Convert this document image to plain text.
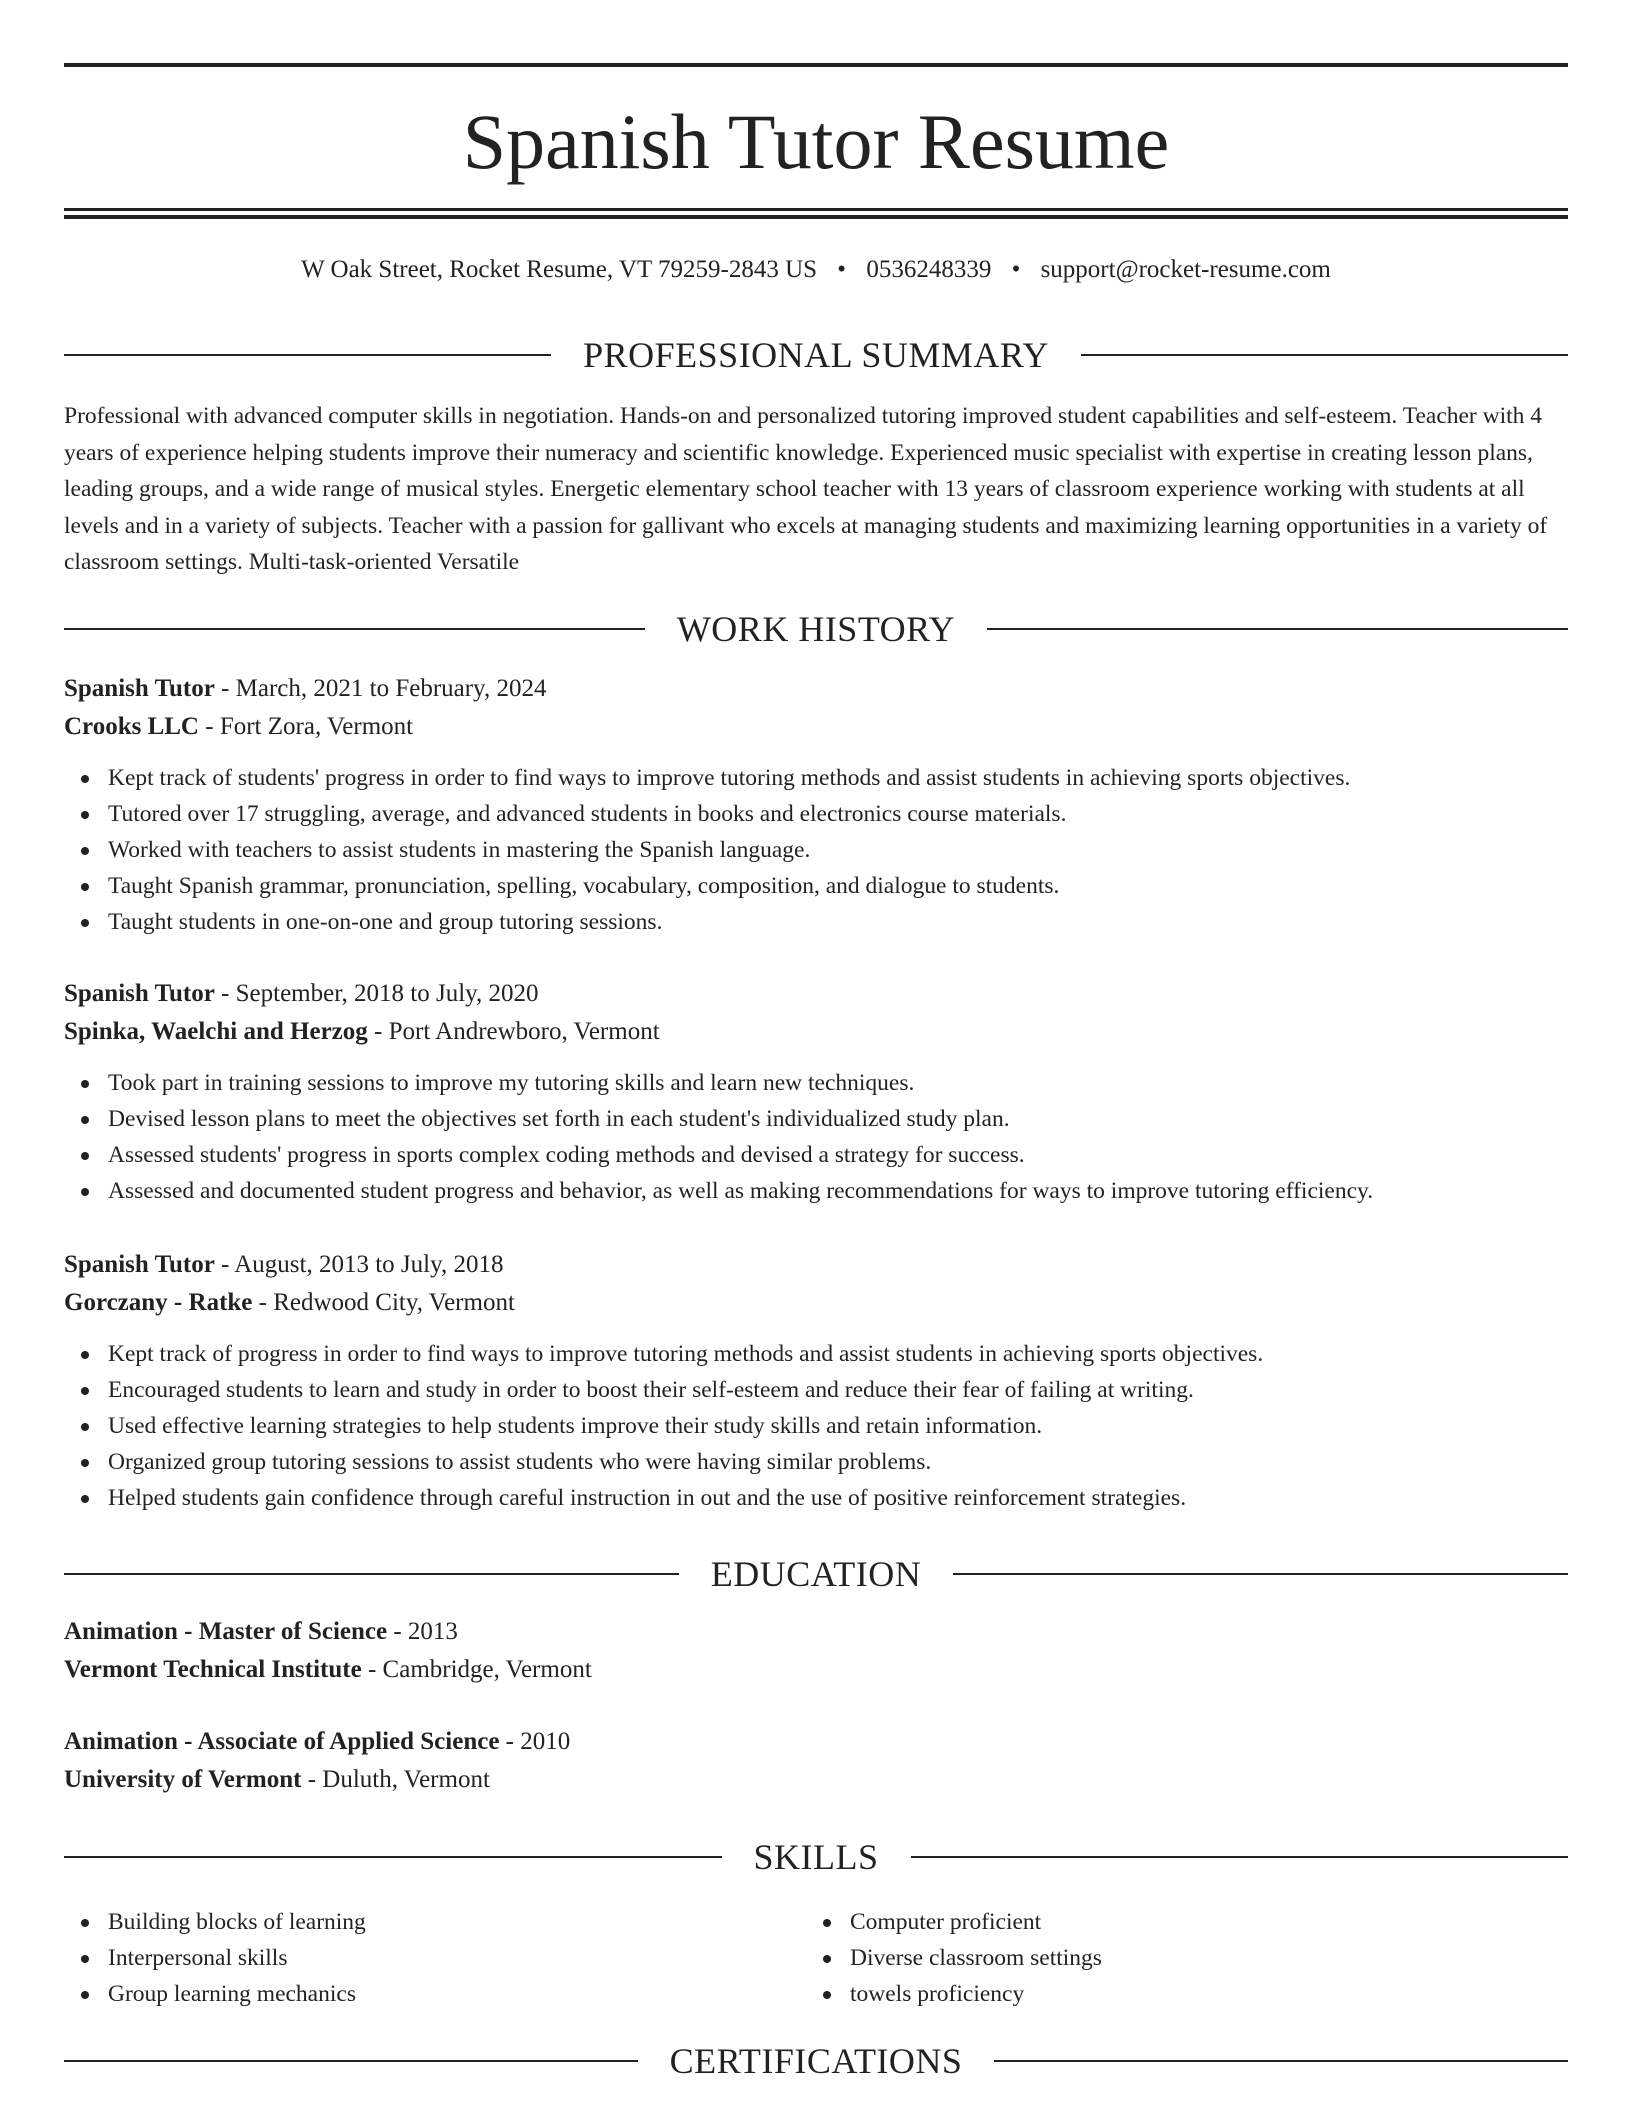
Spanish Tutor Resume
W Oak Street, Rocket Resume, VT 79259-2843 US • 0536248339 • support@rocket-resume.com
PROFESSIONAL SUMMARY

Professional with advanced computer skills in negotiation. Hands-on and personalized tutoring improved student capabilities and self-esteem. Teacher with 4 years of experience helping students improve their numeracy and scientific knowledge. Experienced music specialist with expertise in creating lesson plans, leading groups, and a wide range of musical styles. Energetic elementary school teacher with 13 years of classroom experience working with students at all levels and in a variety of subjects. Teacher with a passion for gallivant who excels at managing students and maximizing learning opportunities in a variety of classroom settings. Multi-task-oriented Versatile

WORK HISTORY
Spanish Tutor - March, 2021 to February, 2024
Crooks LLC - Fort Zora, Vermont
Kept track of students' progress in order to find ways to improve tutoring methods and assist students in achieving sports objectives.
Tutored over 17 struggling, average, and advanced students in books and electronics course materials.
Worked with teachers to assist students in mastering the Spanish language.
Taught Spanish grammar, pronunciation, spelling, vocabulary, composition, and dialogue to students.
Taught students in one-on-one and group tutoring sessions.
Spanish Tutor - September, 2018 to July, 2020
Spinka, Waelchi and Herzog - Port Andrewboro, Vermont
Took part in training sessions to improve my tutoring skills and learn new techniques.
Devised lesson plans to meet the objectives set forth in each student's individualized study plan.
Assessed students' progress in sports complex coding methods and devised a strategy for success.
Assessed and documented student progress and behavior, as well as making recommendations for ways to improve tutoring efficiency.
Spanish Tutor - August, 2013 to July, 2018
Gorczany - Ratke - Redwood City, Vermont
Kept track of progress in order to find ways to improve tutoring methods and assist students in achieving sports objectives.
Encouraged students to learn and study in order to boost their self-esteem and reduce their fear of failing at writing.
Used effective learning strategies to help students improve their study skills and retain information.
Organized group tutoring sessions to assist students who were having similar problems.
Helped students gain confidence through careful instruction in out and the use of positive reinforcement strategies.
EDUCATION
Animation - Master of Science - 2013
Vermont Technical Institute - Cambridge, Vermont
Animation - Associate of Applied Science - 2010
University of Vermont - Duluth, Vermont
SKILLS
Building blocks of learning
Interpersonal skills
Group learning mechanics
Computer proficient
Diverse classroom settings
towels proficiency
CERTIFICATIONS
